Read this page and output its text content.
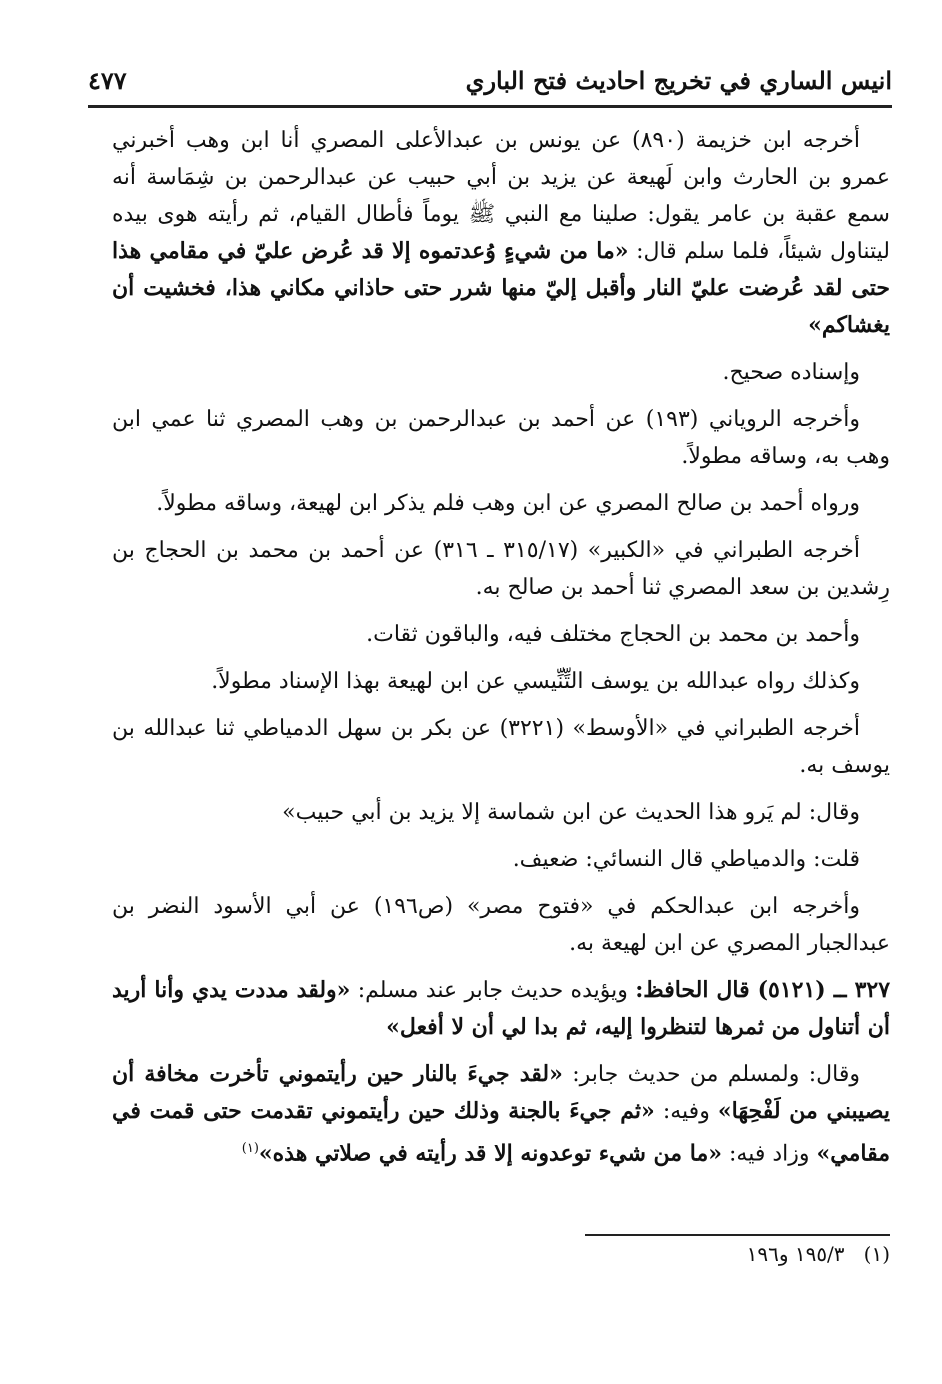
انيس الساري في تخريج احاديث فتح الباري
٤٧٧

أخرجه ابن خزيمة (٨٩٠) عن يونس بن عبدالأعلى المصري أنا ابن وهب أخبرني عمرو بن الحارث وابن لَهيعة عن يزيد بن أبي حبيب عن عبدالرحمن بن شِمَاسة أنه سمع عقبة بن عامر يقول: صلينا مع النبي ﷺ يوماً فأطال القيام، ثم رأيته هوى بيده ليتناول شيئاً، فلما سلم قال: «ما من شيءٍ وُعدتموه إلا قد عُرض عليّ في مقامي هذا حتى لقد عُرضت عليّ النار وأقبل إليّ منها شرر حتى حاذاني مكاني هذا، فخشيت أن يغشاكم»

وإسناده صحيح.

وأخرجه الروياني (١٩٣) عن أحمد بن عبدالرحمن بن وهب المصري ثنا عمي ابن وهب به، وساقه مطولاً.

ورواه أحمد بن صالح المصري عن ابن وهب فلم يذكر ابن لهيعة، وساقه مطولاً.

أخرجه الطبراني في «الكبير» (٣١٥/١٧ ـ ٣١٦) عن أحمد بن محمد بن الحجاج بن رِشدين بن سعد المصري ثنا أحمد بن صالح به.

وأحمد بن محمد بن الحجاج مختلف فيه، والباقون ثقات.

وكذلك رواه عبدالله بن يوسف التِّنِّيسي عن ابن لهيعة بهذا الإسناد مطولاً.

أخرجه الطبراني في «الأوسط» (٣٢٢١) عن بكر بن سهل الدمياطي ثنا عبدالله بن يوسف به.

وقال: لم يَرو هذا الحديث عن ابن شماسة إلا يزيد بن أبي حبيب»

قلت: والدمياطي قال النسائي: ضعيف.

وأخرجه ابن عبدالحكم في «فتوح مصر» (ص١٩٦) عن أبي الأسود النضر بن عبدالجبار المصري عن ابن لهيعة به.

٣٢٧ ــ (٥١٢١) قال الحافظ: ويؤيده حديث جابر عند مسلم: «ولقد مددت يدي وأنا أريد أن أتناول من ثمرها لتنظروا إليه، ثم بدا لي أن لا أفعل»

وقال: ولمسلم من حديث جابر: «لقد جيءَ بالنار حين رأيتموني تأخرت مخافة أن يصيبني من لَفْحِهَا» وفيه: «ثم جيءَ بالجنة وذلك حين رأيتموني تقدمت حتى قمت في مقامي» وزاد فيه: «ما من شيء توعدونه إلا قد رأيته في صلاتي هذه»$^{(١)}$

(١)   ١٩٥/٣ و١٩٦
